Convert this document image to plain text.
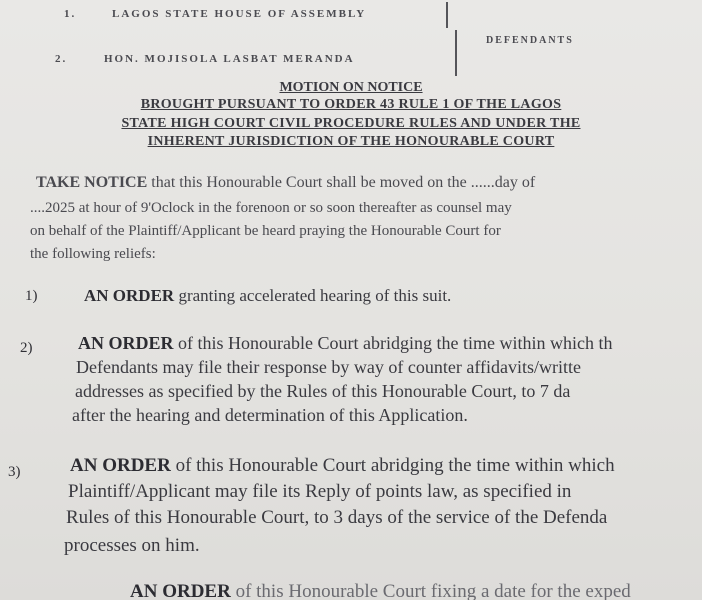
1.	LAGOS STATE HOUSE OF ASSEMBLY
2.	HON. MOJISOLA LASBAT MERANDA
DEFENDANTS
MOTION ON NOTICE
BROUGHT PURSUANT TO ORDER 43 RULE 1 OF THE LAGOS
STATE HIGH COURT CIVIL PROCEDURE RULES AND UNDER THE
INHERENT JURISDICTION OF THE HONOURABLE COURT
TAKE NOTICE that this Honourable Court shall be moved on the ......day of
....2025 at hour of 9'Oclock in the forenoon or so soon thereafter as counsel may
on behalf of the Plaintiff/Applicant be heard praying the Honourable Court for
the following reliefs:
1)	AN ORDER granting accelerated hearing of this suit.
2)	AN ORDER of this Honourable Court abridging the time within which th
Defendants may file their response by way of counter affidavits/writte
addresses as specified by the Rules of this Honourable Court, to 7 da
after the hearing and determination of this Application.
3)	AN ORDER of this Honourable Court abridging the time within which
Plaintiff/Applicant may file its Reply of points law, as specified in
Rules of this Honourable Court, to 3 days of the service of the Defenda
processes on him.
AN ORDER of this Honourable Court fixing a date for the exped
